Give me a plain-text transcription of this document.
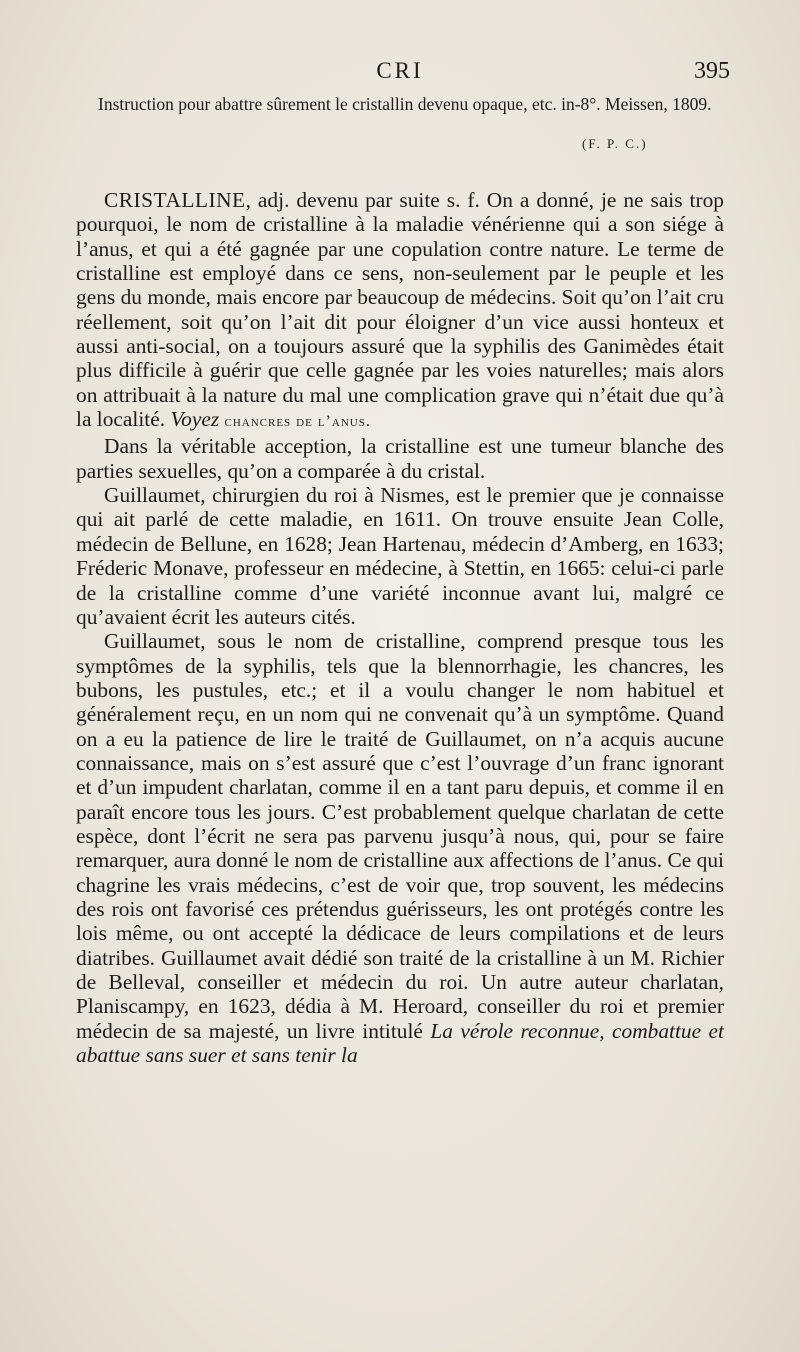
CRI	395

Instruction pour abattre sûrement le cristallin devenu opaque, etc. in-8°. Meissen, 1809.

(F. P. C.)

CRISTALLINE, adj. devenu par suite s. f. On a donné, je ne sais trop pourquoi, le nom de cristalline à la maladie vénérienne qui a son siége à l’anus, et qui a été gagnée par une copulation contre nature. Le terme de cristalline est employé dans ce sens, non-seulement par le peuple et les gens du monde, mais encore par beaucoup de médecins. Soit qu’on l’ait cru réellement, soit qu’on l’ait dit pour éloigner d’un vice aussi honteux et aussi anti-social, on a toujours assuré que la syphilis des Ganimèdes était plus difficile à guérir que celle gagnée par les voies naturelles; mais alors on attribuait à la nature du mal une complication grave qui n’était due qu’à la localité. Voyez chancres de l’anus.

Dans la véritable acception, la cristalline est une tumeur blanche des parties sexuelles, qu’on a comparée à du cristal.

Guillaumet, chirurgien du roi à Nismes, est le premier que je connaisse qui ait parlé de cette maladie, en 1611. On trouve ensuite Jean Colle, médecin de Bellune, en 1628; Jean Hartenau, médecin d’Amberg, en 1633; Fréderic Monave, professeur en médecine, à Stettin, en 1665: celui-ci parle de la cristalline comme d’une variété inconnue avant lui, malgré ce qu’avaient écrit les auteurs cités.

Guillaumet, sous le nom de cristalline, comprend presque tous les symptômes de la syphilis, tels que la blennorrhagie, les chancres, les bubons, les pustules, etc.; et il a voulu changer le nom habituel et généralement reçu, en un nom qui ne convenait qu’à un symptôme. Quand on a eu la patience de lire le traité de Guillaumet, on n’a acquis aucune connaissance, mais on s’est assuré que c’est l’ouvrage d’un franc ignorant et d’un impudent charlatan, comme il en a tant paru depuis, et comme il en paraît encore tous les jours. C’est probablement quelque charlatan de cette espèce, dont l’écrit ne sera pas parvenu jusqu’à nous, qui, pour se faire remarquer, aura donné le nom de cristalline aux affections de l’anus. Ce qui chagrine les vrais médecins, c’est de voir que, trop souvent, les médecins des rois ont favorisé ces prétendus guérisseurs, les ont protégés contre les lois même, ou ont accepté la dédicace de leurs compilations et de leurs diatribes. Guillaumet avait dédié son traité de la cristalline à un M. Richier de Belleval, conseiller et médecin du roi. Un autre auteur charlatan, Planiscampy, en 1623, dédia à M. Heroard, conseiller du roi et premier médecin de sa majesté, un livre intitulé La vérole reconnue, combattue et abattue sans suer et sans tenir la
